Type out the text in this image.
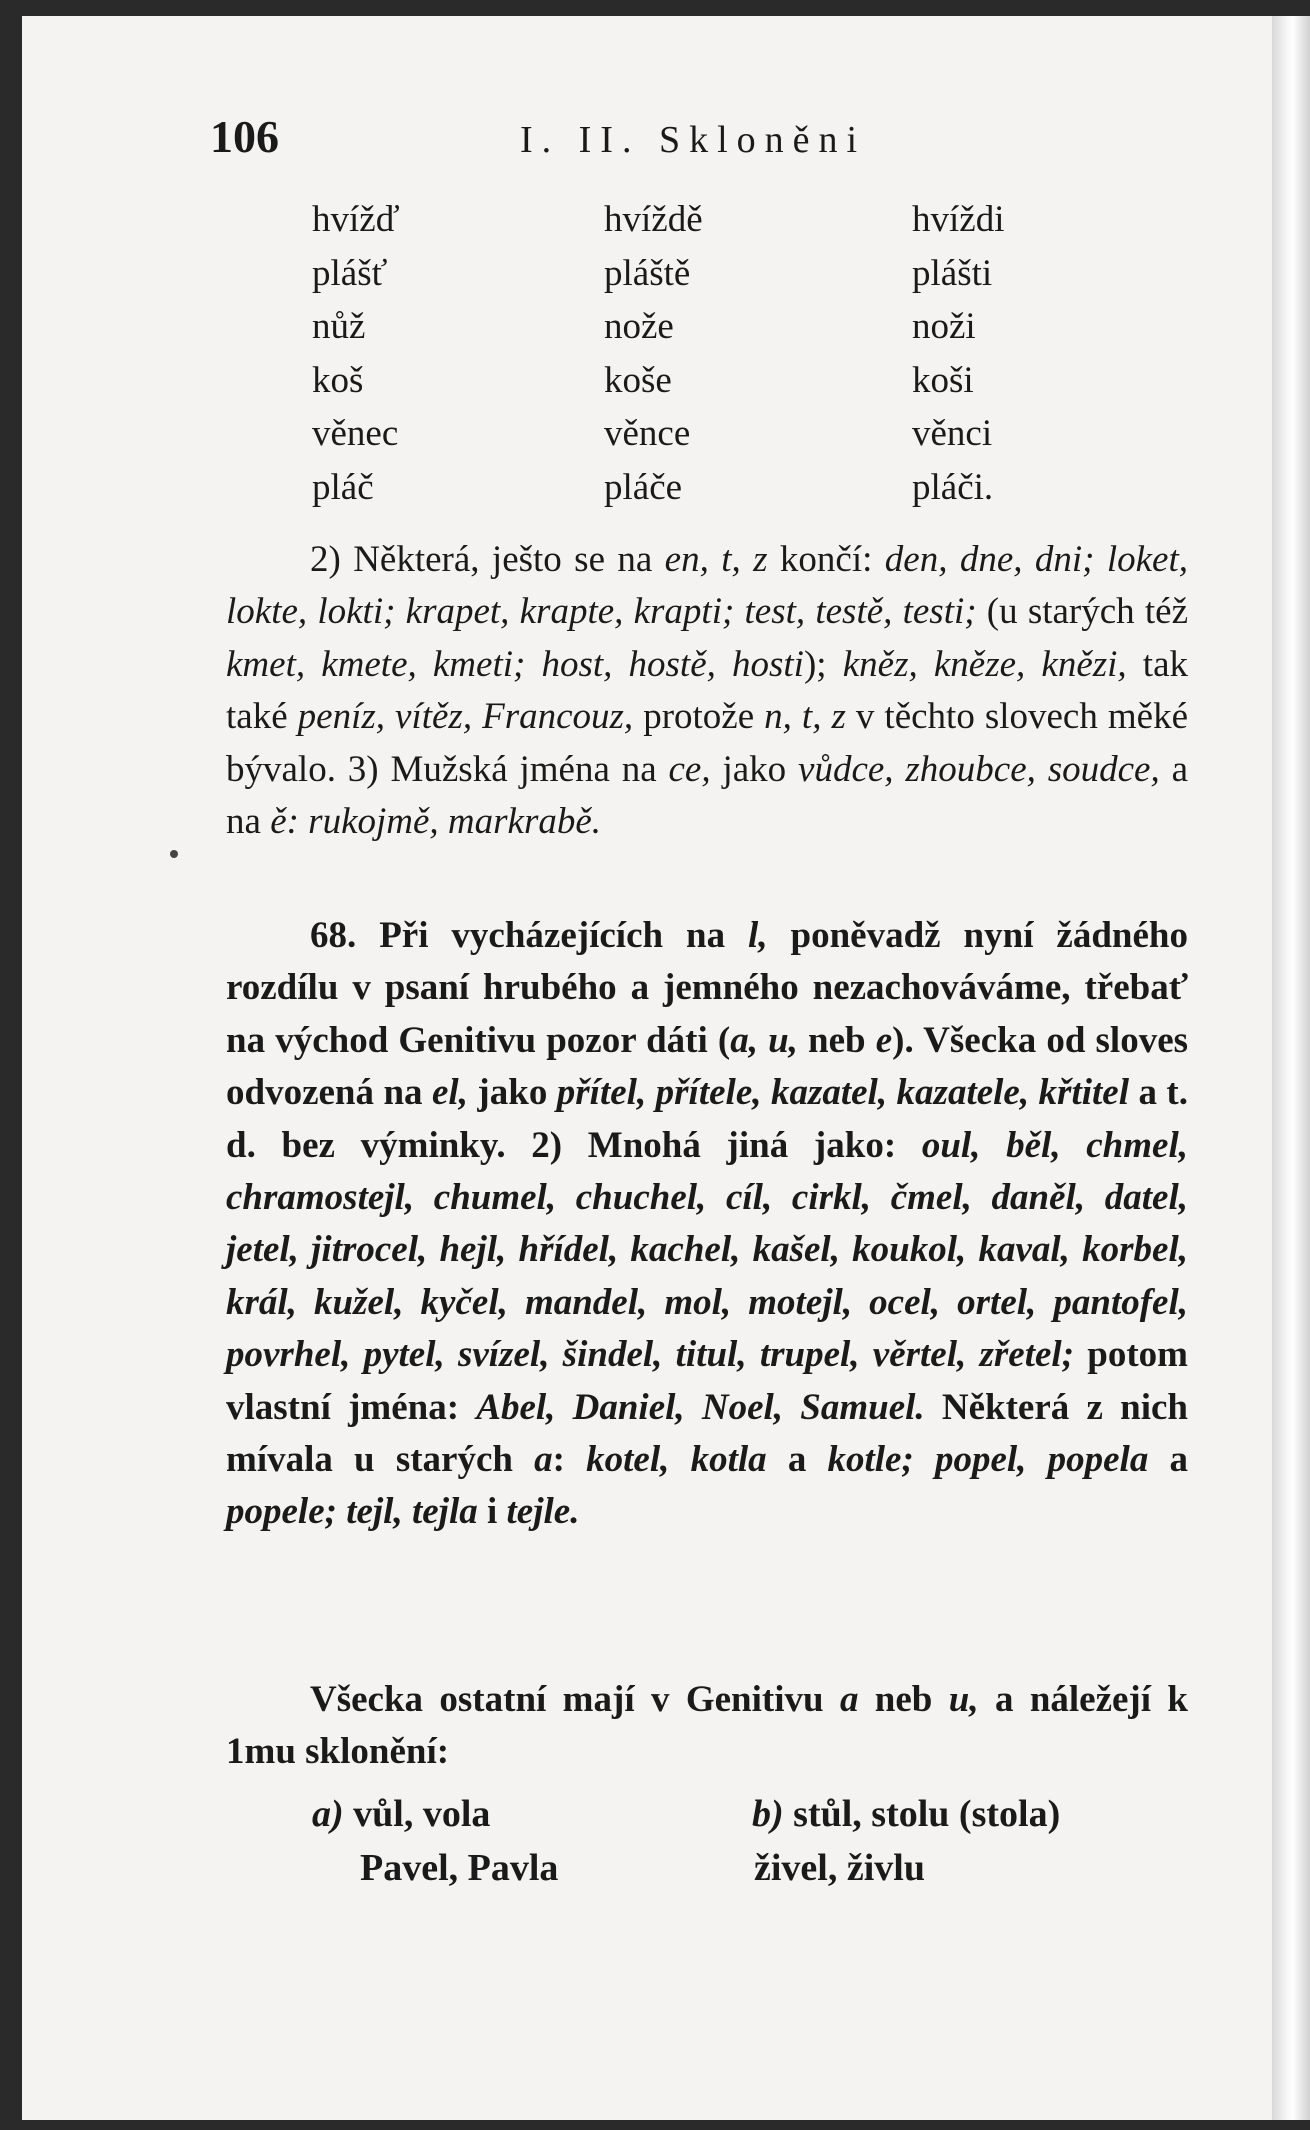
106	I. II. Skloněni
hvížď	hvíždě	hvíždi
plášť	pláště	plášti
nůž	nože	noži
koš	koše	koši
věnec	věnce	věnci
pláč	pláče	pláči.
2) Některá, ješto se na en, t, z končí: den, dne, dni; loket, lokte, lokti; krapet, krapte, krapti; test, testě, testi; (u starých též kmet, kmete, kmeti; host, hostě, hosti); kněz, kněze, knězi, tak také peníz, vítěz, Francouz, protože n, t, z v těchto slovech měké bývalo. 3) Mužská jména na ce, jako vůdce, zhoubce, soudce, a na ě: rukojmě, markrabě.
68. Při vycházejících na l, poněvadž nyní žádného rozdílu v psaní hrubého a jemného nezachováváme, třebať na východ Genitivu pozor dáti (a, u, neb e). Všecka od sloves odvozená na el, jako přítel, přítele, kazatel, kazatele, křtitel a t. d. bez výminky. 2) Mnohá jiná jako: oul, běl, chmel, chramostejl, chumel, chuchel, cíl, cirkl, čmel, daněl, datel, jetel, jitrocel, hejl, hřídel, kachel, kašel, koukol, kaval, korbel, král, kužel, kyčel, mandel, mol, motejl, ocel, ortel, pantofel, povrhel, pytel, svízel, šindel, titul, trupel, věrtel, zřetel; potom vlastní jména: Abel, Daniel, Noel, Samuel. Některá z nich mívala u starých a: kotel, kotla a kotle; popel, popela a popele; tejl, tejla i tejle.
Všecka ostatní mají v Genitivu a neb u, a náležejí k 1mu sklonění:
a) vůl, vola	b) stůl, stolu (stola)
Pavel, Pavla	živel, živlu
